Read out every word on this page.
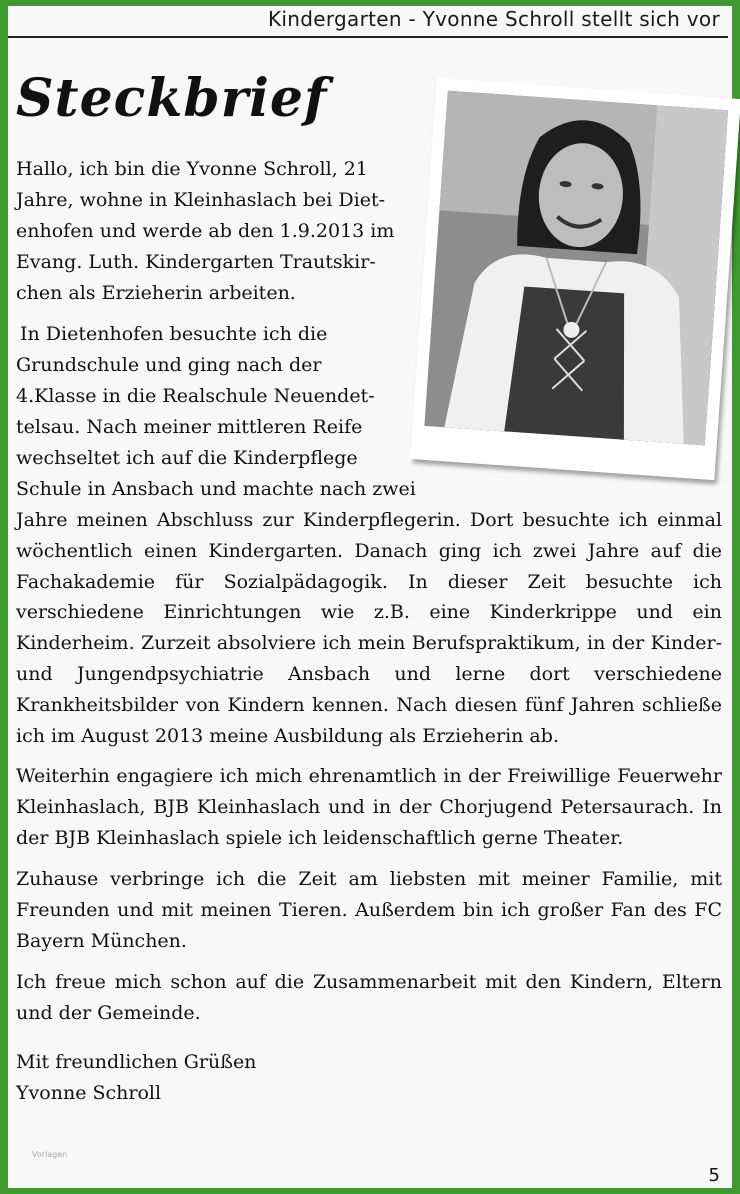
Kindergarten - Yvonne Schroll stellt sich vor
Steckbrief

Hallo, ich bin die Yvonne Schroll, 21

Jahre, wohne in Kleinhaslach bei Diet-

enhofen und werde ab den 1.9.2013 im

Evang. Luth. Kindergarten Trautskir-

chen als Erzieherin arbeiten.

In Dietenhofen besuchte ich die

Grundschule und ging nach der

4.Klasse in die Realschule Neuendet-

telsau. Nach meiner mittleren Reife

wechseltet ich auf die Kinderpflege

Schule in Ansbach und machte nach zwei

Jahre meinen Abschluss zur Kinderpflegerin. Dort besuchte ich einmal wöchentlich einen Kindergarten. Danach ging ich zwei Jahre auf die Fachakademie für Sozialpädagogik. In dieser Zeit besuchte ich verschiedene Einrichtungen wie z.B. eine Kinderkrippe und ein Kinderheim. Zurzeit absolviere ich mein Berufspraktikum, in der Kinder- und Jungendpsychiatrie Ansbach und lerne dort verschiedene Krankheitsbilder von Kindern kennen. Nach diesen fünf Jahren schließe ich im August 2013 meine Ausbildung als Erzieherin ab.

Weiterhin engagiere ich mich ehrenamtlich in der Freiwillige Feuerwehr Kleinhaslach, BJB Kleinhaslach und in der Chorjugend Petersaurach. In der BJB Kleinhaslach spiele ich leidenschaftlich gerne Theater.

Zuhause verbringe ich die Zeit am liebsten mit meiner Familie, mit Freunden und mit meinen Tieren. Außerdem bin ich großer Fan des FC Bayern München.

Ich freue mich schon auf die Zusammenarbeit mit den Kindern, Eltern und der Gemeinde.

Mit freundlichen Grüßen

Yvonne Schroll

Vorlagen
5
